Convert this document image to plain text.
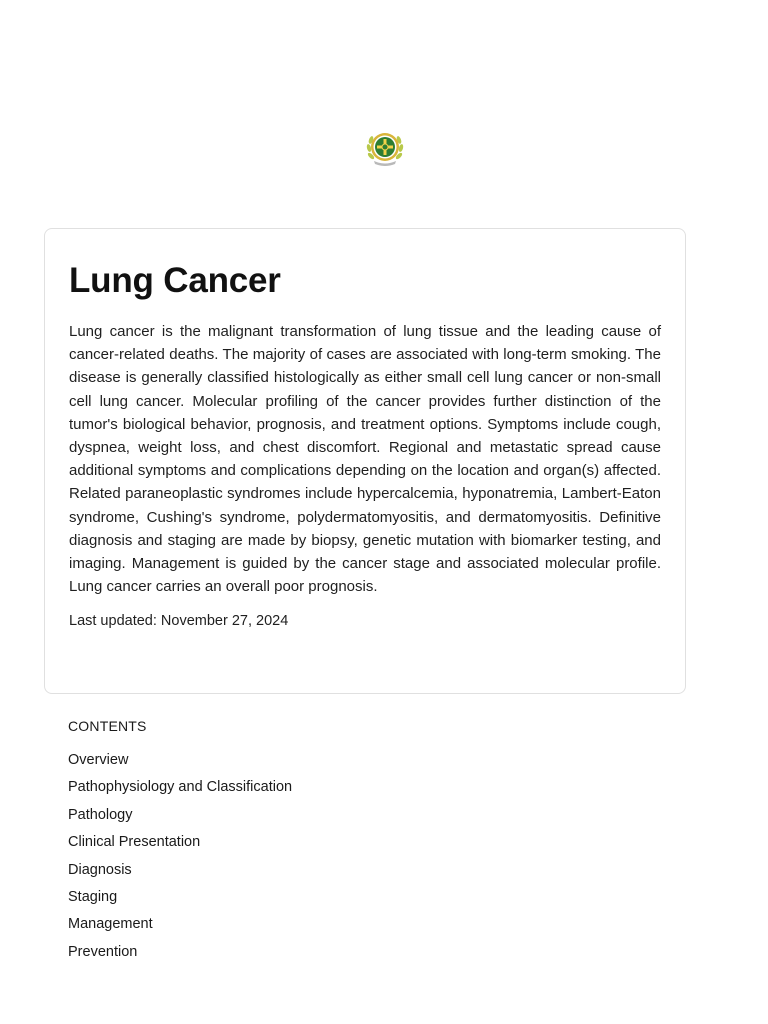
Lung Cancer

Lung cancer is the malignant transformation of lung tissue and the leading cause of cancer-related deaths. The majority of cases are associated with long-term smoking. The disease is generally classified histologically as either small cell lung cancer or non-small cell lung cancer. Molecular profiling of the cancer provides further distinction of the tumor's biological behavior, prognosis, and treatment options. Symptoms include cough, dyspnea, weight loss, and chest discomfort. Regional and metastatic spread cause additional symptoms and complications depending on the location and organ(s) affected. Related paraneoplastic syndromes include hypercalcemia, hyponatremia, Lambert-Eaton syndrome, Cushing's syndrome, polydermatomyositis, and dermatomyositis. Definitive diagnosis and staging are made by biopsy, genetic mutation with biomarker testing, and imaging. Management is guided by the cancer stage and associated molecular profile. Lung cancer carries an overall poor prognosis.

Last updated: November 27, 2024

CONTENTS
Overview
Pathophysiology and Classification
Pathology
Clinical Presentation
Diagnosis
Staging
Management
Prevention
